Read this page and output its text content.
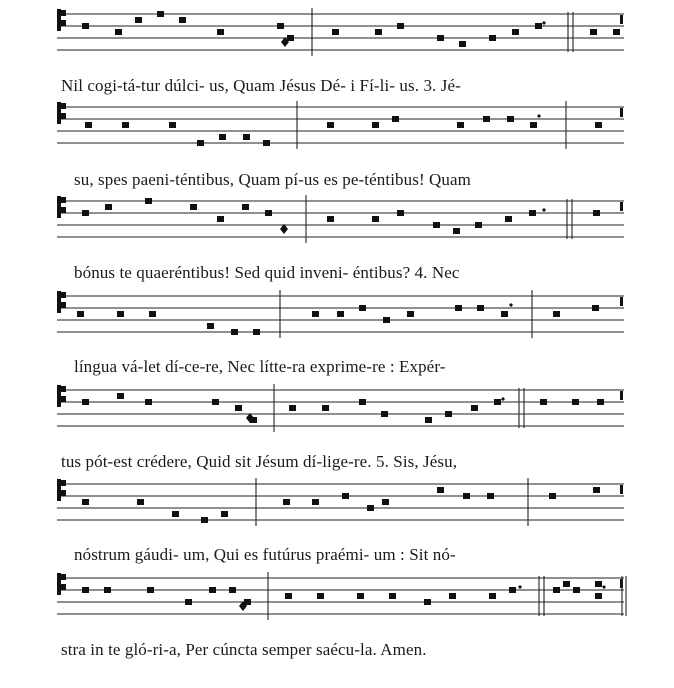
Nil cogi-tá-tur dúlci- us, Quam Jésus Dé- i Fí-li- us. 3. Jé-
su, spes paeni-téntibus, Quam pí-us es pe-téntibus! Quam
bónus te quaeréntibus! Sed quid inveni- éntibus? 4. Nec
língua vá-let dí-ce-re, Nec lítte-ra exprime-re : Expér-
tus pót-est crédere, Quid sit Jésum dí-lige-re. 5. Sis, Jésu,
nóstrum gáudi- um, Qui es futúrus praémi- um : Sit nó-
stra in te gló-ri-a, Per cúncta semper saécu-la. Amen.
